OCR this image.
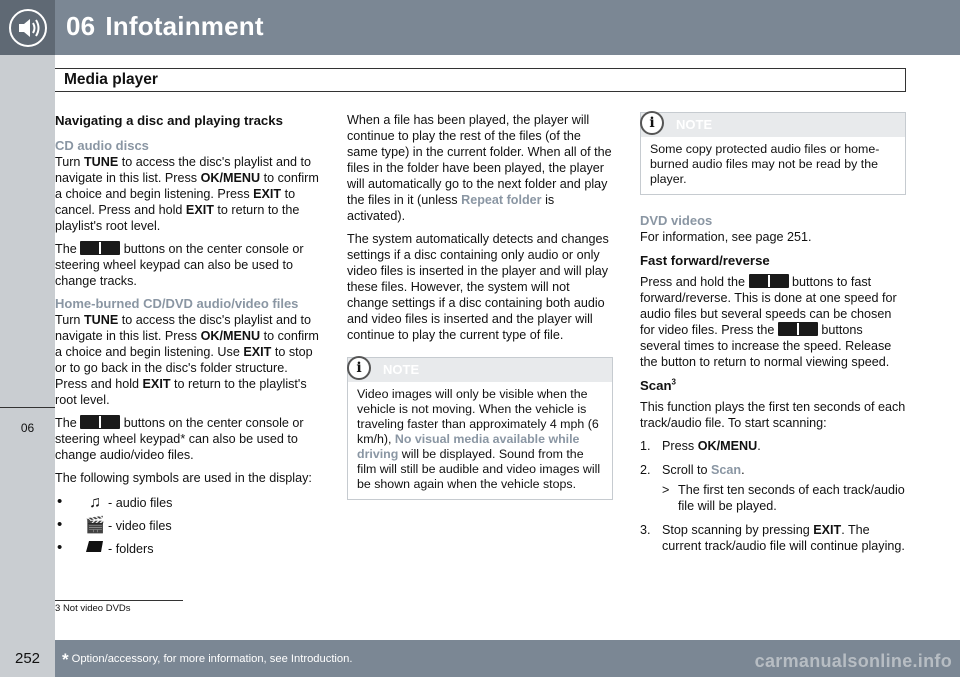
06 Infotainment
06
Media player
Navigating a disc and playing tracks
CD audio discs

Turn TUNE to access the disc's playlist and to navigate in this list. Press OK/MENU to confirm a choice and begin listening. Press EXIT to cancel. Press and hold EXIT to return to the playlist's root level.

The	buttons on the center console or steering wheel keypad can also be used to change tracks.

Home-burned CD/DVD audio/video files

Turn TUNE to access the disc's playlist and to navigate in this list. Press OK/MENU to confirm a choice and begin listening. Use EXIT to stop or to go back in the disc's folder structure. Press and hold EXIT to return to the playlist's root level.

The	buttons on the center console or steering wheel keypad* can also be used to change audio/video files.

The following symbols are used in the display:

• ♫ - audio files
• 🎬 - video files
•	- folders

When a file has been played, the player will continue to play the rest of the files (of the same type) in the current folder. When all of the files in the folder have been played, the player will automatically go to the next folder and play the files in it (unless Repeat folder is activated).

The system automatically detects and changes settings if a disc containing only audio or only video files is inserted in the player and will play these files. However, the system will not change settings if a disc containing both audio and video files is inserted and the player will continue to play the current type of file.

i	NOTE
Video images will only be visible when the vehicle is not moving. When the vehicle is traveling faster than approximately 4 mph (6 km/h), No visual media available while driving will be displayed. Sound from the film will still be audible and video images will be shown again when the vehicle stops.
i	NOTE
Some copy protected audio files or home-burned audio files may not be read by the player.
DVD videos

For information, see page 251.

Fast forward/reverse

Press and hold the	buttons to fast forward/reverse. This is done at one speed for audio files but several speeds can be chosen for video files. Press the	buttons several times to increase the speed. Release the button to return to normal viewing speed.

Scan$^3$

This function plays the first ten seconds of each track/audio file. To start scanning:

1. Press OK/MENU.
2. Scroll to Scan.
> The first ten seconds of each track/audio file will be played.
3. Stop scanning by pressing EXIT. The current track/audio file will continue playing.
3 Not video DVDs
252	* Option/accessory, for more information, see Introduction.	carmanualsonline.info
